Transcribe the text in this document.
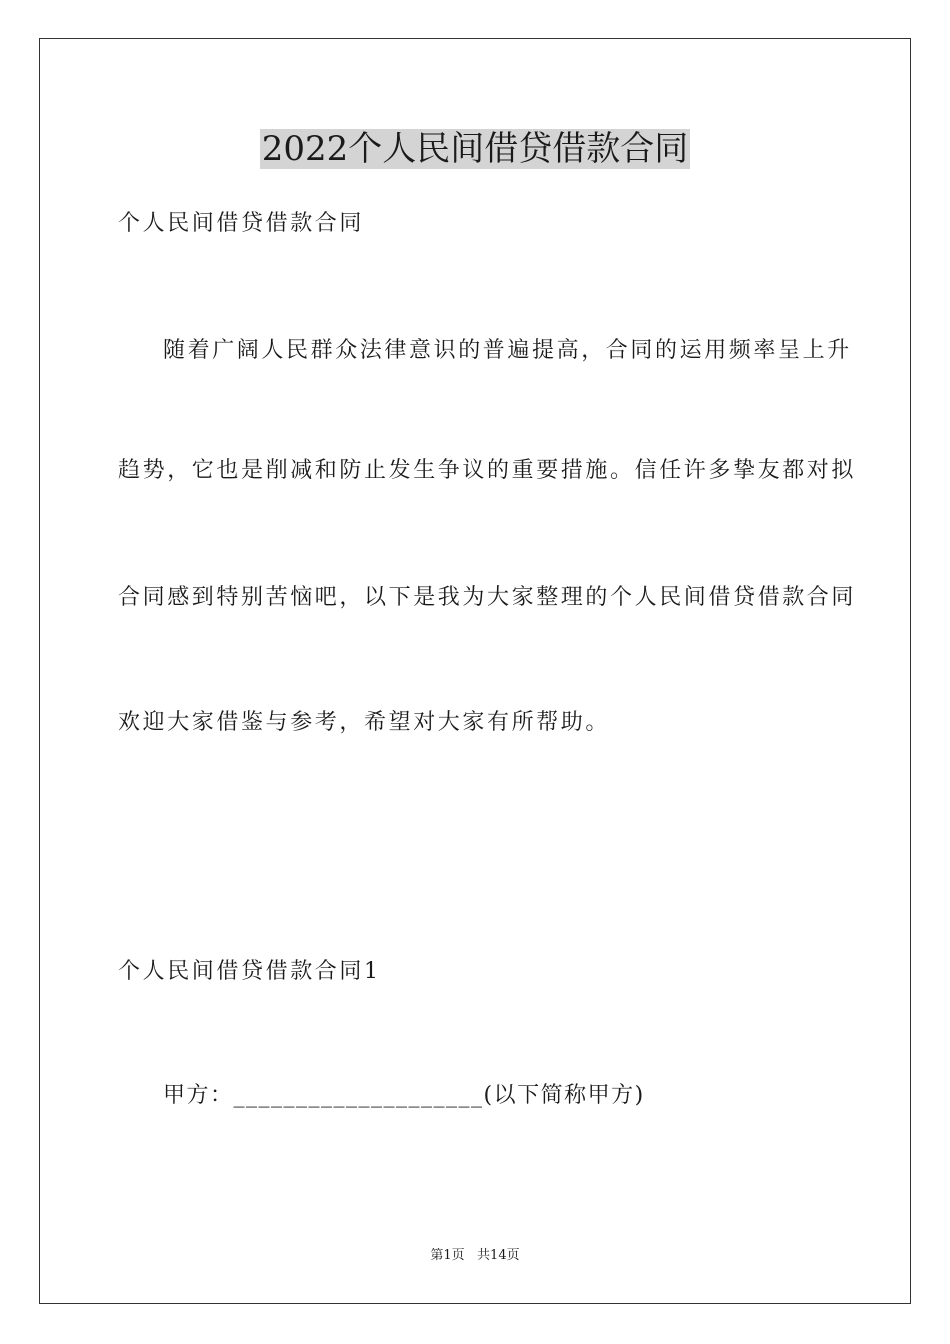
2022个人民间借贷借款合同

个人民间借贷借款合同

随着广阔人民群众法律意识的普遍提高，合同的运用频率呈上升

趋势，它也是削减和防止发生争议的重要措施。信任许多挚友都对拟

合同感到特别苦恼吧，以下是我为大家整理的个人民间借贷借款合同

欢迎大家借鉴与参考，希望对大家有所帮助。

个人民间借贷借款合同1

甲方：____________________(以下简称甲方)

第1页   共14页
